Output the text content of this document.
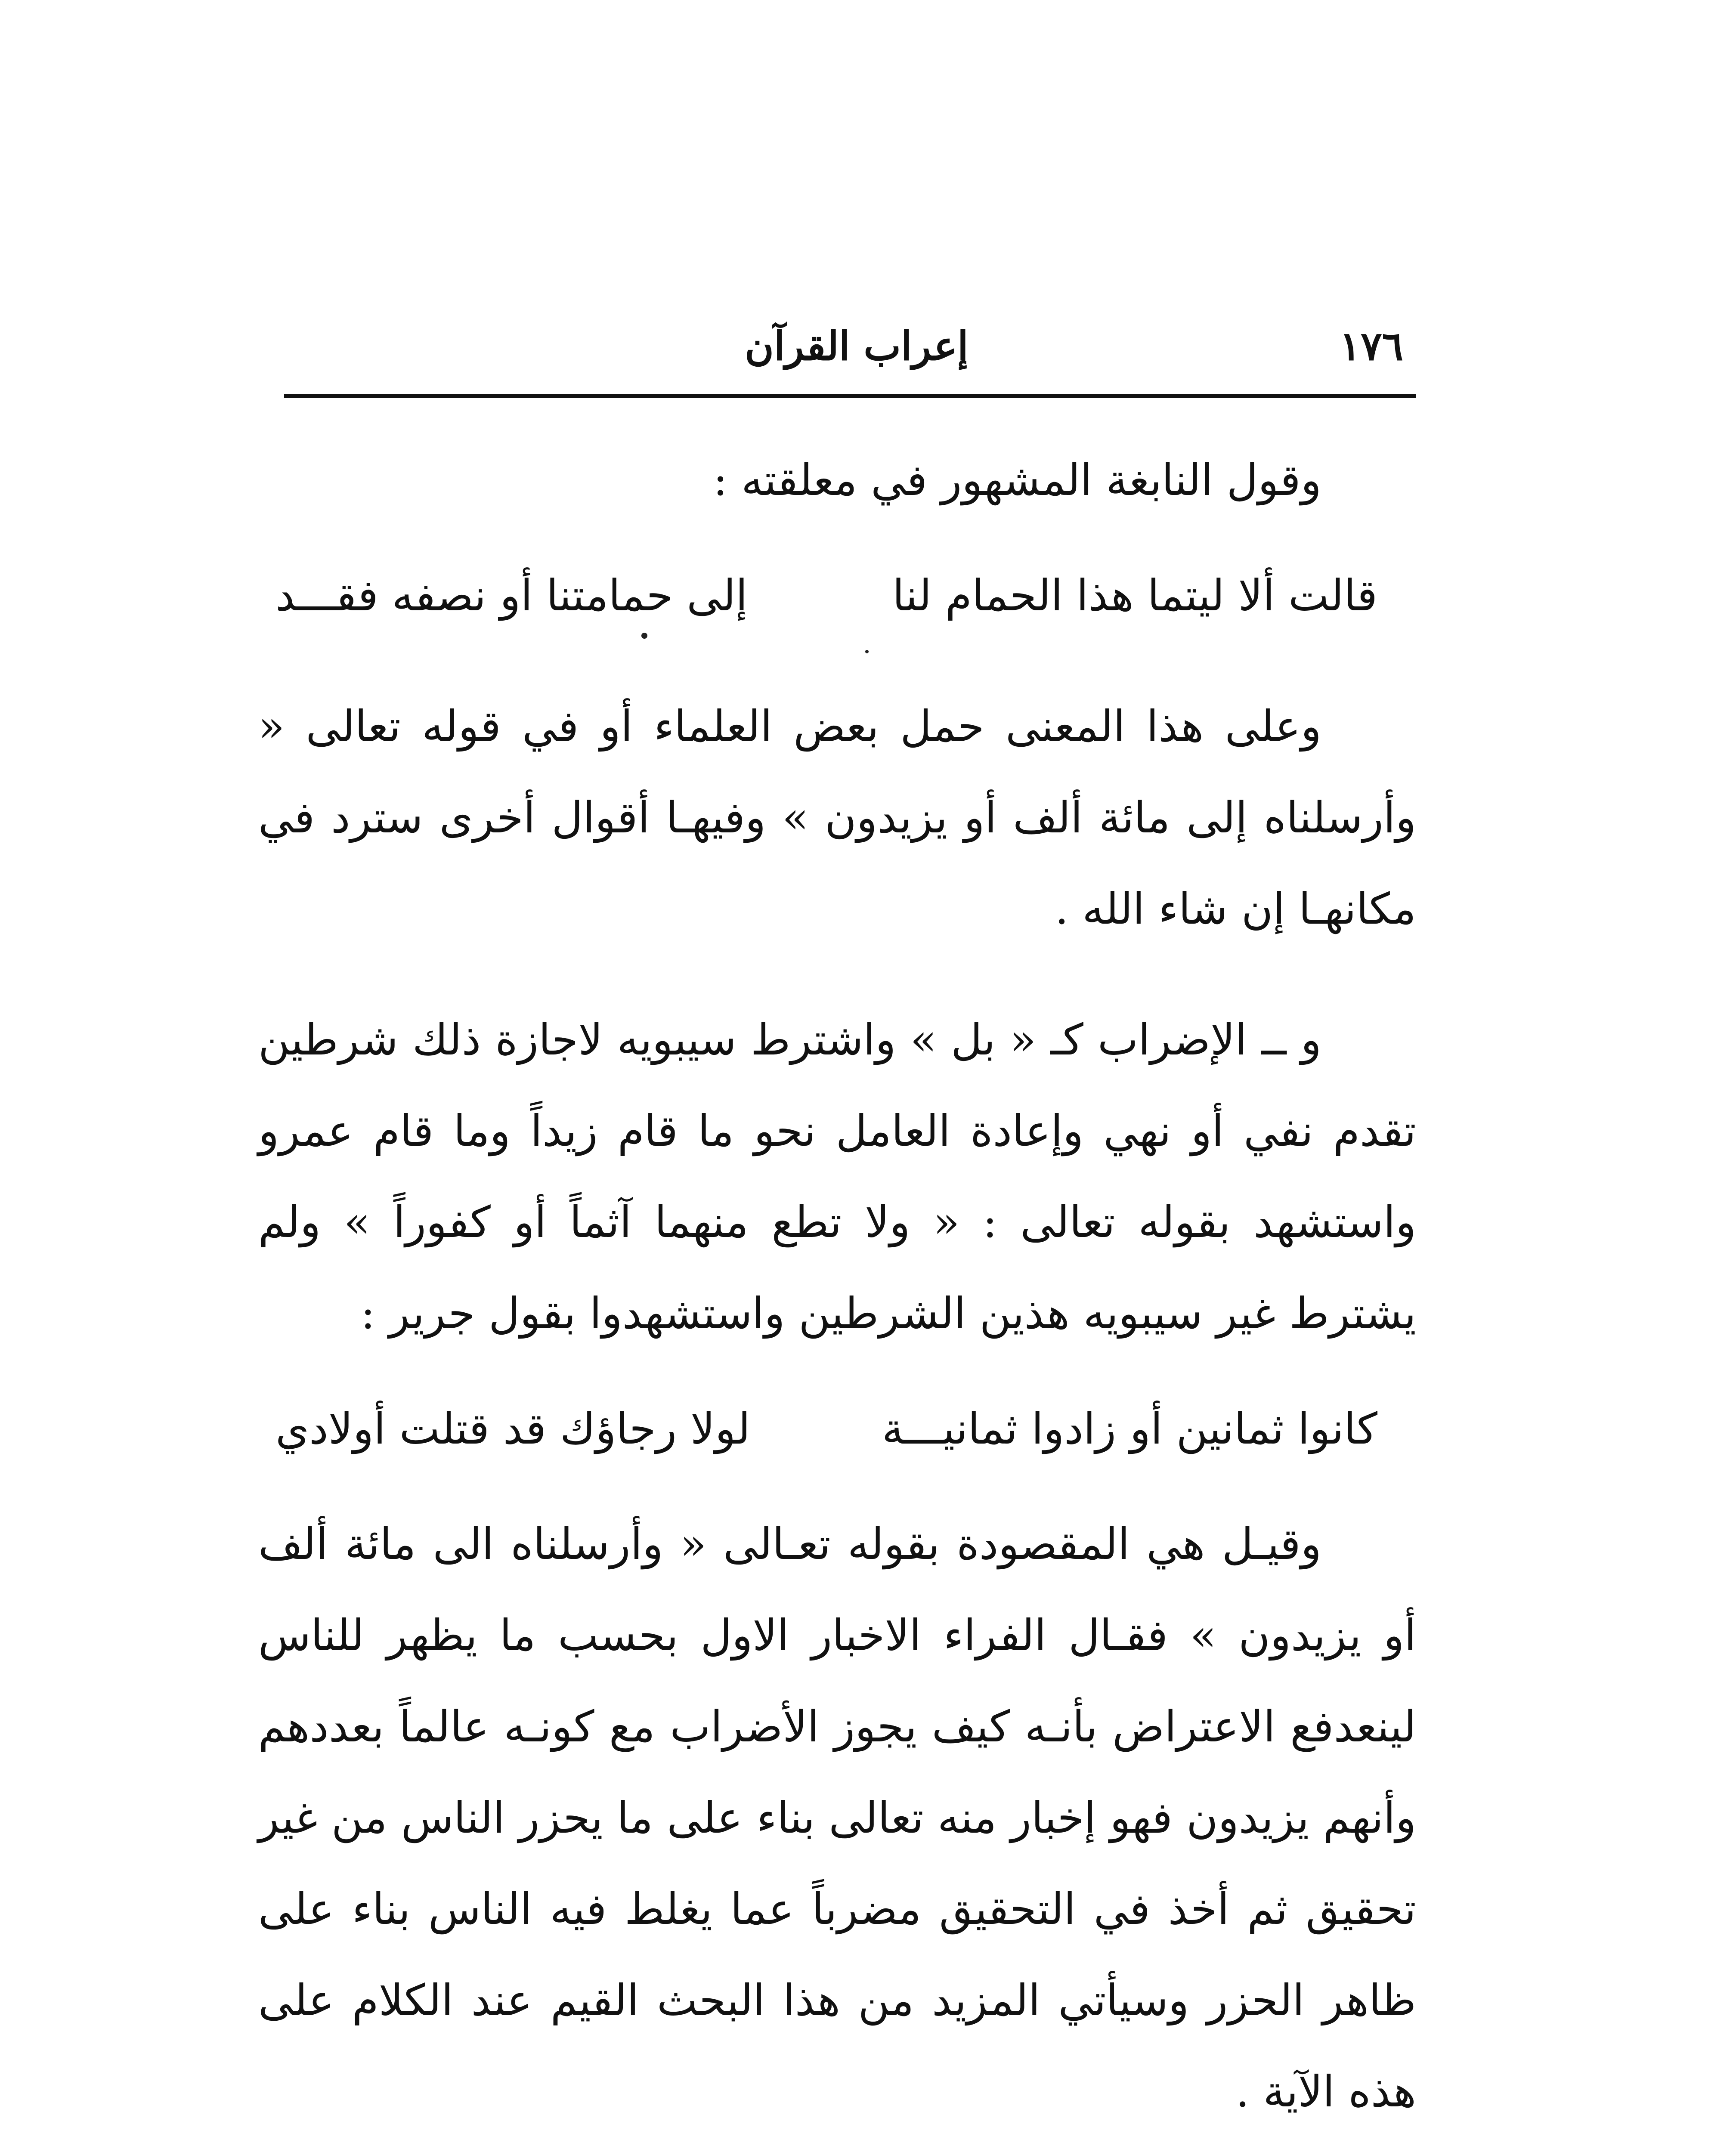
١٧٦
إعراب القرآن

وقول النابغة المشهور في معلقته :

قالت ألا ليتما هذا الحمام لنا
إلى حمامتنا أو نصفه فقـــد

وعلى هذا المعنى حمل بعض العلماء أو في قوله تعالى « وأرسلناه إلى مائة ألف أو يزيدون » وفيهـا أقوال أخرى سترد في مكانهـا إن شاء الله .

و ــ الإضراب كـ « بل » واشترط سيبويه لاجازة ذلك شرطين تقدم نفي أو نهي وإعادة العامل نحو ما قام زيداً وما قام عمرو واستشهد بقوله تعالى : « ولا تطع منهما آثماً أو كفوراً » ولم يشترط غير سيبويه هذين الشرطين واستشهدوا بقول جرير :

كانوا ثمانين أو زادوا ثمانيـــة
لولا رجاؤك قد قتلت أولادي

وقيـل هي المقصودة بقوله تعـالى « وأرسلناه الى مائة ألف أو يزيدون » فقـال الفراء الاخبار الاول بحسب ما يظهر للناس لينعدفع الاعتراض بأنـه كيف يجوز الأضراب مع كونـه عالماً بعددهم وأنهم يزيدون فهو إخبار منه تعالى بناء على ما يحزر الناس من غير تحقيق ثم أخذ في التحقيق مضرباً عما يغلط فيه الناس بناء على ظاهر الحزر وسيأتي المزيد من هذا البحث القيم عند الكلام على هذه الآية .
